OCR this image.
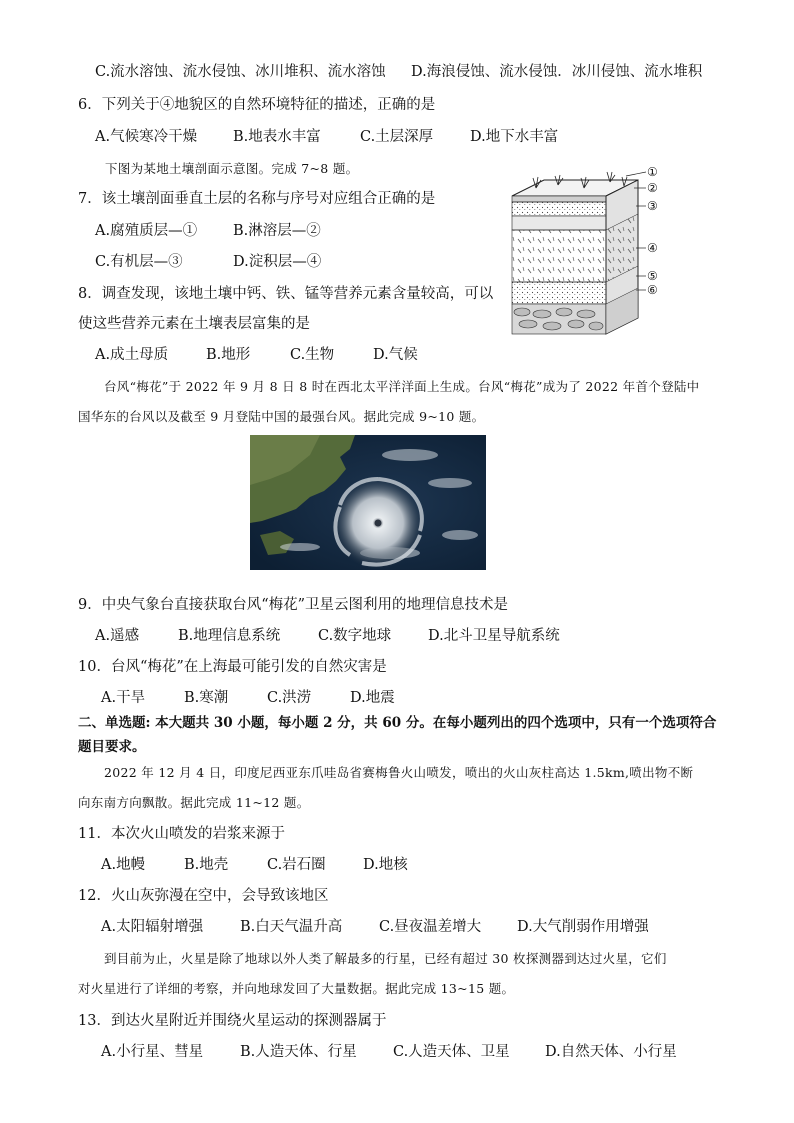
C.流水溶蚀、流水侵蚀、冰川堆积、流水溶蚀 D.海浪侵蚀、流水侵蚀．冰川侵蚀、流水堆积
6．下列关于④地貌区的自然环境特征的描述，正确的是
A.气候寒冷干燥 B.地表水丰富	C.土层深厚	D.地下水丰富
下图为某地土壤剖面示意图。完成 7~8 题。
7．该土壤剖面垂直土层的名称与序号对应组合正确的是
A.腐殖质层—① B.淋溶层—②
C.有机层—③	D.淀积层—④
8．调查发现，该地土壤中钙、铁、锰等营养元素含量较高，可以
使这些营养元素在土壤表层富集的是
A.成土母质	B.地形	C.生物	D.气候
①
②
③
④
⑤
⑥
台风“梅花”于 2022 年 9 月 8 日 8 时在西北太平洋洋面上生成。台风“梅花”成为了 2022 年首个登陆中
国华东的台风以及截至 9 月登陆中国的最强台风。据此完成 9~10 题。
9．中央气象台直接获取台风“梅花”卫星云图利用的地理信息技术是
A.遥感	B.地理信息系统	C.数字地球	D.北斗卫星导航系统
10．台风“梅花”在上海最可能引发的自然灾害是
A.干旱	B.寒潮	C.洪涝	D.地震
二、单选题: 本大题共 30 小题，每小题 2 分，共 60 分。在每小题列出的四个选项中，只有一个选项符合
题目要求。
2022 年 12 月 4 日，印度尼西亚东爪哇岛省赛梅鲁火山喷发，喷出的火山灰柱高达 1.5km,喷出物不断
向东南方向飘散。据此完成 11~12 题。
11．本次火山喷发的岩浆来源于
A.地幔	B.地壳	C.岩石圈	D.地核
12．火山灰弥漫在空中，会导致该地区
A.太阳辐射增强	B.白天气温升高	C.昼夜温差增大 D.大气削弱作用增强
到目前为止，火星是除了地球以外人类了解最多的行星，已经有超过 30 枚探测器到达过火星，它们
对火星进行了详细的考察，并向地球发回了大量数据。据此完成 13~15 题。
13．到达火星附近并围绕火星运动的探测器属于
A.小行星、彗星	B.人造天体、行星 C.人造天体、卫星 D.自然天体、小行星
